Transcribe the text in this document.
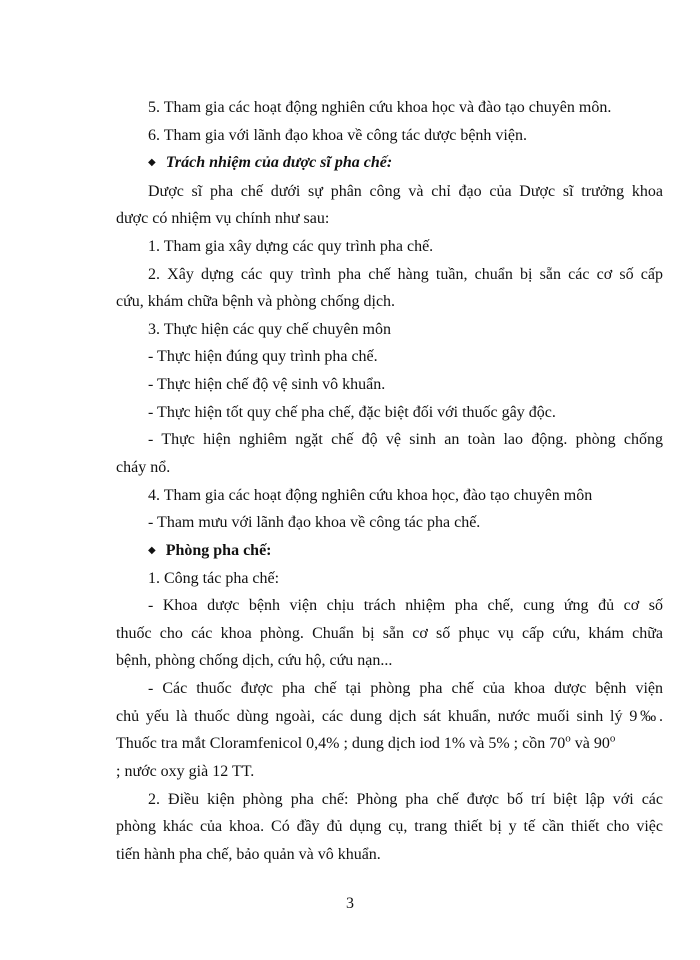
5. Tham gia các hoạt động nghiên cứu khoa học và đào tạo chuyên môn.
6. Tham gia với lãnh đạo khoa về công tác dược bệnh viện.
◆ Trách nhiệm của dược sĩ pha chế:
Dược sĩ pha chế dưới sự phân công và chỉ đạo của Dược sĩ trưởng khoa
dược có nhiệm vụ chính như sau:
1. Tham gia xây dựng các quy trình pha chế.
2. Xây dựng các quy trình pha chế hàng tuần, chuẩn bị sẵn các cơ số cấp
cứu, khám chữa bệnh và phòng chống dịch.
3. Thực hiện các quy chế chuyên môn
- Thực hiện đúng quy trình pha chế.
- Thực hiện chế độ vệ sinh vô khuẩn.
- Thực hiện tốt quy chế pha chế, đặc biệt đối với thuốc gây độc.
- Thực hiện nghiêm ngặt chế độ vệ sinh an toàn lao động. phòng chống
cháy nổ.
4. Tham gia các hoạt động nghiên cứu khoa học, đào tạo chuyên môn
- Tham mưu với lãnh đạo khoa về công tác pha chế.
◆ Phòng pha chế:
1. Công tác pha chế:
- Khoa dược bệnh viện chịu trách nhiệm pha chế, cung ứng đủ cơ số
thuốc cho các khoa phòng. Chuẩn bị sẵn cơ số phục vụ cấp cứu, khám chữa
bệnh, phòng chống dịch, cứu hộ, cứu nạn...
- Các thuốc được pha chế tại phòng pha chế của khoa dược bệnh viện
chủ yếu là thuốc dùng ngoài, các dung dịch sát khuẩn, nước muối sinh lý 9‰.
Thuốc tra mắt Cloramfenicol 0,4% ; dung dịch iod 1% và 5% ; cồn 70$^o$ và 90$^o$
; nước oxy già 12 TT.
2. Điều kiện phòng pha chế: Phòng pha chế được bố trí biệt lập với các
phòng khác của khoa. Có đầy đủ dụng cụ, trang thiết bị y tế cần thiết cho việc
tiến hành pha chế, bảo quản và vô khuẩn.
3
